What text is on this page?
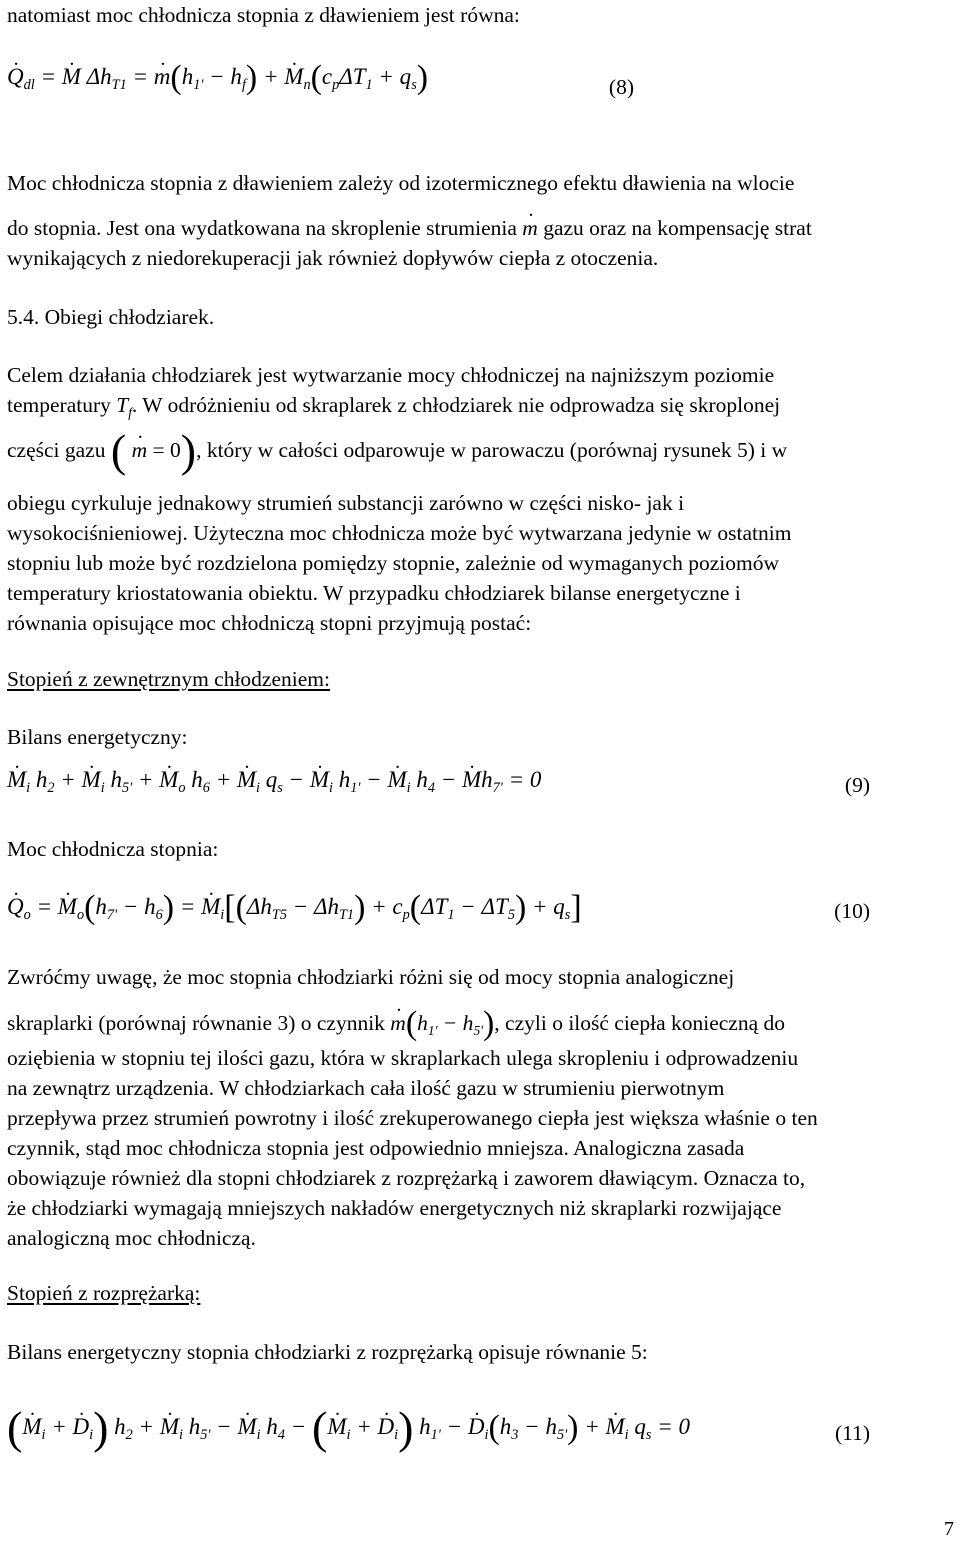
natomiast moc chłodnicza stopnia z dławieniem jest równa:
. $Q_{dl}$ = . M $\Delta h_{T1}$ = . $m(h_{1'} - h_f)$ + . $M_n(c_p\Delta T_1 + q_s)$	(8)
Moc chłodnicza stopnia z dławieniem zależy od izotermicznego efektu dławienia na wlocie
do stopnia. Jest ona wydatkowana na skroplenie strumienia . m gazu oraz na kompensację strat
wynikających z niedorekuperacji jak również dopływów ciepła z otoczenia.
5.4. Obiegi chłodziarek.
Celem działania chłodziarek jest wytwarzanie mocy chłodniczej na najniższym poziomie
temperatury $T_f$. W odróżnieniu od skraplarek z chłodziarek nie odprowadza się skroplonej
części gazu ( . m = 0), który w całości odparowuje w parowaczu (porównaj rysunek 5) i w
obiegu cyrkuluje jednakowy strumień substancji zarówno w części nisko- jak i
wysokociśnieniowej. Użyteczna moc chłodnicza może być wytwarzana jedynie w ostatnim
stopniu lub może być rozdzielona pomiędzy stopnie, zależnie od wymaganych poziomów
temperatury kriostatowania obiektu. W przypadku chłodziarek bilanse energetyczne i
równania opisujące moc chłodniczą stopni przyjmują postać:
Stopień z zewnętrznym chłodzeniem:
Bilans energetyczny:
. $M_i$ $h_2$ + . $M_i$ $h_{5'}$ + . $M_o$ $h_6$ + . $M_i$ $q_s$ − . $M_i$ $h_{1'}$ − . $M_i$ $h_4$ − . $Mh_{7'} = 0$	(9)
Moc chłodnicza stopnia:
. $Q_o$ = . $M_o(h_{7'} - h_6)$ = . $M_i[(\Delta h_{T5} - \Delta h_{T1}) + c_p(\Delta T_1 - \Delta T_5) + q_s]$	(10)
Zwróćmy uwagę, że moc stopnia chłodziarki różni się od mocy stopnia analogicznej
skraplarki (porównaj równanie 3) o czynnik . $m(h_{1'} - h_{5'})$, czyli o ilość ciepła konieczną do
oziębienia w stopniu tej ilości gazu, która w skraplarkach ulega skropleniu i odprowadzeniu
na zewnątrz urządzenia. W chłodziarkach cała ilość gazu w strumieniu pierwotnym
przepływa przez strumień powrotny i ilość zrekuperowanego ciepła jest większa właśnie o ten
czynnik, stąd moc chłodnicza stopnia jest odpowiednio mniejsza. Analogiczna zasada
obowiązuje również dla stopni chłodziarek z rozprężarką i zaworem dławiącym. Oznacza to,
że chłodziarki wymagają mniejszych nakładów energetycznych niż skraplarki rozwijające
analogiczną moc chłodniczą.
Stopień z rozprężarką:
Bilans energetyczny stopnia chłodziarki z rozprężarką opisuje równanie 5:
(. $M_i$ + . $D_i$) $h_2$ + . $M_i$ $h_{5'}$ − . $M_i$ $h_4$ − (. $M_i$ + . $D_i$) $h_{1'}$ − . $D_i(h_3 - h_{5'})$ + . $M_i$ $q_s = 0$	(11)
7
